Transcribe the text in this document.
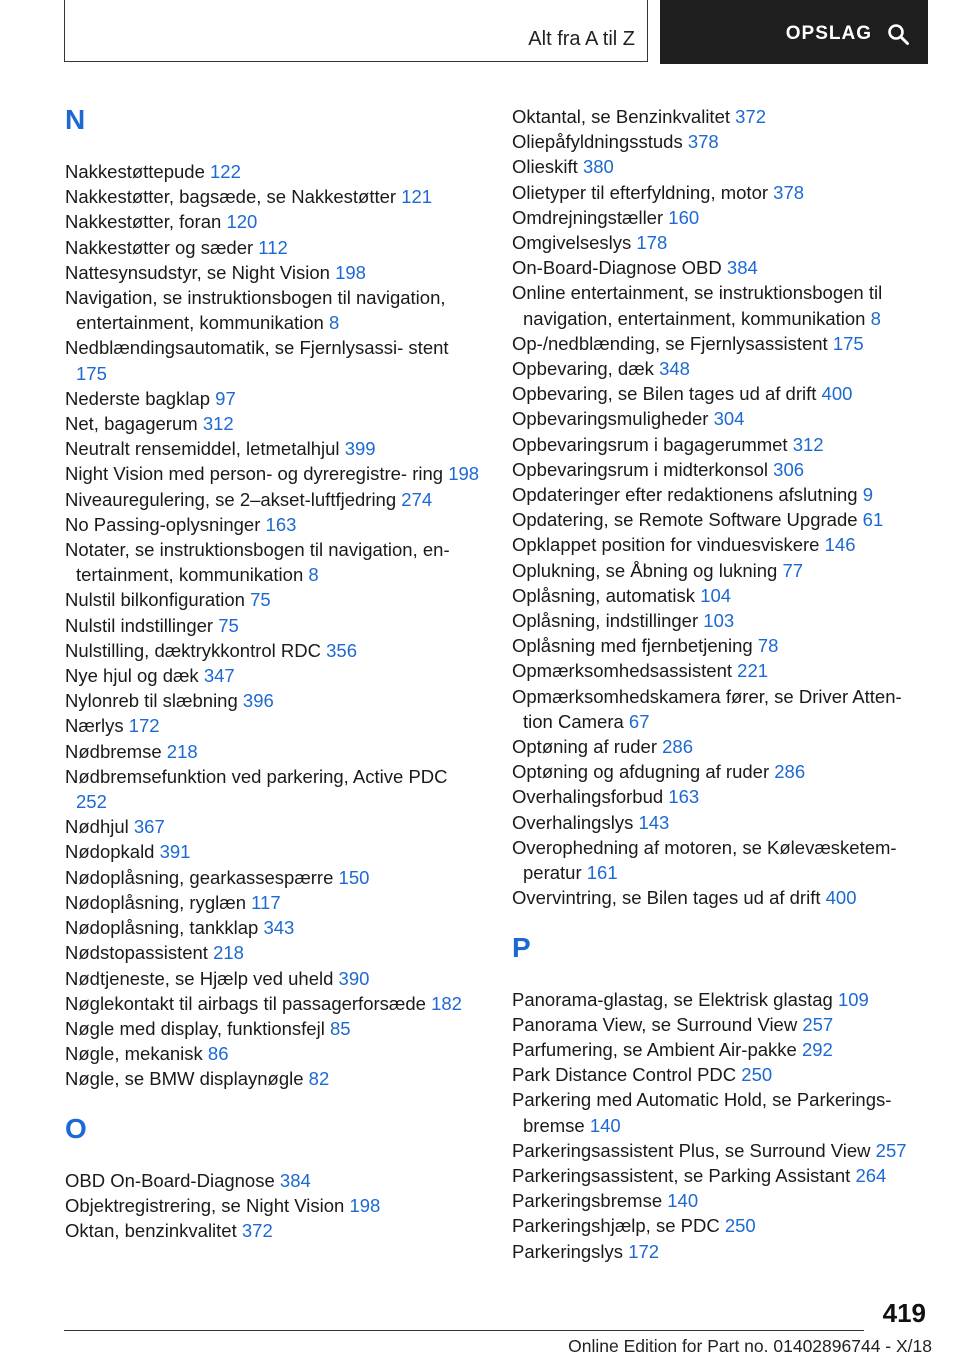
Alt fra A til Z	OPSLAG
N
Nakkestøttepude 122
Nakkestøtter, bagsæde, se Nakkestøtter 121
Nakkestøtter, foran 120
Nakkestøtter og sæder 112
Nattesynsudstyr, se Night Vision 198
Navigation, se instruktionsbogen til navigation, entertainment, kommunikation 8
Nedblændingsautomatik, se Fjernlysassi- stent 175
Nederste bagklap 97
Net, bagagerum 312
Neutralt rensemiddel, letmetalhjul 399
Night Vision med person- og dyreregistre- ring 198
Niveauregulering, se 2–akset-luftfjedring 274
No Passing-oplysninger 163
Notater, se instruktionsbogen til navigation, en- tertainment, kommunikation 8
Nulstil bilkonfiguration 75
Nulstil indstillinger 75
Nulstilling, dæktrykkontrol RDC 356
Nye hjul og dæk 347
Nylonreb til slæbning 396
Nærlys 172
Nødbremse 218
Nødbremsefunktion ved parkering, Active PDC 252
Nødhjul 367
Nødopkald 391
Nødoplåsning, gearkassespærre 150
Nødoplåsning, ryglæn 117
Nødoplåsning, tankklap 343
Nødstopassistent 218
Nødtjeneste, se Hjælp ved uheld 390
Nøglekontakt til airbags til passagerforsæde 182
Nøgle med display, funktionsfejl 85
Nøgle, mekanisk 86
Nøgle, se BMW displaynøgle 82
O
OBD On-Board-Diagnose 384
Objektregistrering, se Night Vision 198
Oktan, benzinkvalitet 372
Oktantal, se Benzinkvalitet 372
Oliepåfyldningsstuds 378
Olieskift 380
Olietyper til efterfyldning, motor 378
Omdrejningstæller 160
Omgivelseslys 178
On-Board-Diagnose OBD 384
Online entertainment, se instruktionsbogen til navigation, entertainment, kommunikation 8
Op-/nedblænding, se Fjernlysassistent 175
Opbevaring, dæk 348
Opbevaring, se Bilen tages ud af drift 400
Opbevaringsmuligheder 304
Opbevaringsrum i bagagerummet 312
Opbevaringsrum i midterkonsol 306
Opdateringer efter redaktionens afslutning 9
Opdatering, se Remote Software Upgrade 61
Opklappet position for vinduesviskere 146
Oplukning, se Åbning og lukning 77
Oplåsning, automatisk 104
Oplåsning, indstillinger 103
Oplåsning med fjernbetjening 78
Opmærksomhedsassistent 221
Opmærksomhedskamera fører, se Driver Atten- tion Camera 67
Optøning af ruder 286
Optøning og afdugning af ruder 286
Overhalingsforbud 163
Overhalingslys 143
Overophedning af motoren, se Kølevæsketem- peratur 161
Overvintring, se Bilen tages ud af drift 400
P
Panorama-glastag, se Elektrisk glastag 109
Panorama View, se Surround View 257
Parfumering, se Ambient Air-pakke 292
Park Distance Control PDC 250
Parkering med Automatic Hold, se Parkerings- bremse 140
Parkeringsassistent Plus, se Surround View 257
Parkeringsassistent, se Parking Assistant 264
Parkeringsbremse 140
Parkeringshjælp, se PDC 250
Parkeringslys 172
419
Online Edition for Part no. 01402896744 - X/18
